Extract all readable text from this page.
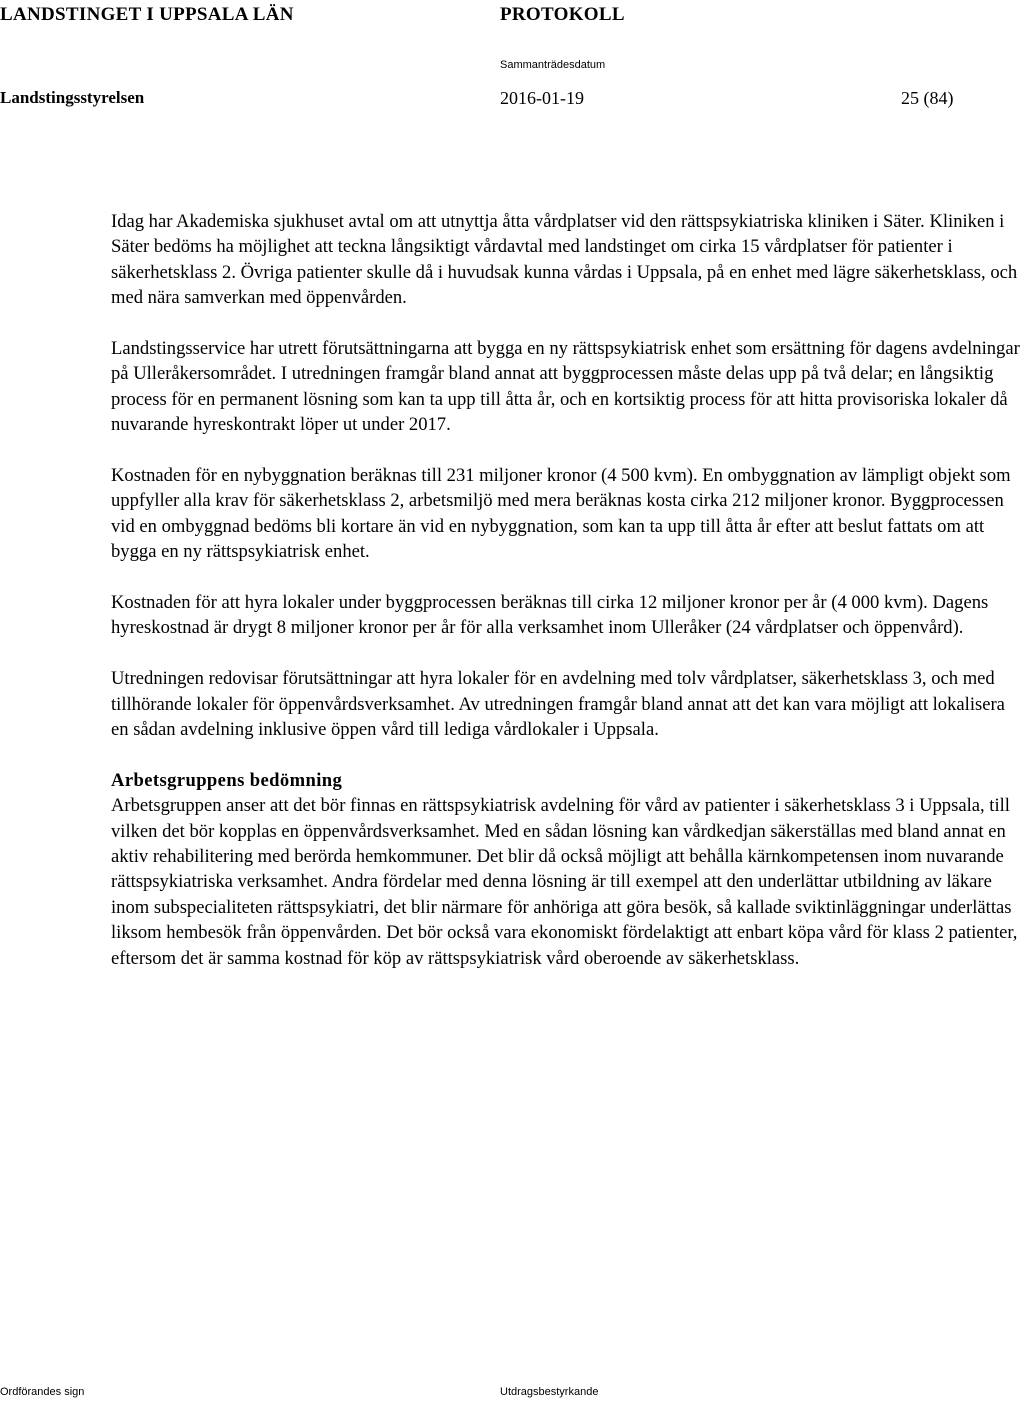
LANDSTINGET I UPPSALA LÄN	PROTOKOLL
Sammanträdesdatum
Landstingsstyrelsen	2016-01-19	25 (84)

Idag har Akademiska sjukhuset avtal om att utnyttja åtta vårdplatser vid den rättspsykiatriska kliniken i Säter. Kliniken i Säter bedöms ha möjlighet att teckna långsiktigt vårdavtal med landstinget om cirka 15 vårdplatser för patienter i säkerhetsklass 2. Övriga patienter skulle då i huvudsak kunna vårdas i Uppsala, på en enhet med lägre säkerhetsklass, och med nära samverkan med öppenvården.

Landstingsservice har utrett förutsättningarna att bygga en ny rättspsykiatrisk enhet som ersättning för dagens avdelningar på Ulleråkersområdet. I utredningen framgår bland annat att byggprocessen måste delas upp på två delar; en långsiktig process för en permanent lösning som kan ta upp till åtta år, och en kortsiktig process för att hitta provisoriska lokaler då nuvarande hyreskontrakt löper ut under 2017.

Kostnaden för en nybyggnation beräknas till 231 miljoner kronor (4 500 kvm). En ombyggnation av lämpligt objekt som uppfyller alla krav för säkerhetsklass 2, arbetsmiljö med mera beräknas kosta cirka 212 miljoner kronor. Byggprocessen vid en ombyggnad bedöms bli kortare än vid en nybyggnation, som kan ta upp till åtta år efter att beslut fattats om att bygga en ny rättspsykiatrisk enhet.

Kostnaden för att hyra lokaler under byggprocessen beräknas till cirka 12 miljoner kronor per år (4 000 kvm). Dagens hyreskostnad är drygt 8 miljoner kronor per år för alla verksamhet inom Ulleråker (24 vårdplatser och öppenvård).

Utredningen redovisar förutsättningar att hyra lokaler för en avdelning med tolv vårdplatser, säkerhetsklass 3, och med tillhörande lokaler för öppenvårdsverksamhet. Av utredningen framgår bland annat att det kan vara möjligt att lokalisera en sådan avdelning inklusive öppen vård till lediga vårdlokaler i Uppsala.

Arbetsgruppens bedömning

Arbetsgruppen anser att det bör finnas en rättspsykiatrisk avdelning för vård av patienter i säkerhetsklass 3 i Uppsala, till vilken det bör kopplas en öppenvårdsverksamhet. Med en sådan lösning kan vårdkedjan säkerställas med bland annat en aktiv rehabilitering med berörda hemkommuner. Det blir då också möjligt att behålla kärnkompetensen inom nuvarande rättspsykiatriska verksamhet. Andra fördelar med denna lösning är till exempel att den underlättar utbildning av läkare inom subspecialiteten rättspsykiatri, det blir närmare för anhöriga att göra besök, så kallade sviktinläggningar underlättas liksom hembesök från öppenvården. Det bör också vara ekonomiskt fördelaktigt att enbart köpa vård för klass 2 patienter, eftersom det är samma kostnad för köp av rättspsykiatrisk vård oberoende av säkerhetsklass.

Ordförandes sign	Utdragsbestyrkande
